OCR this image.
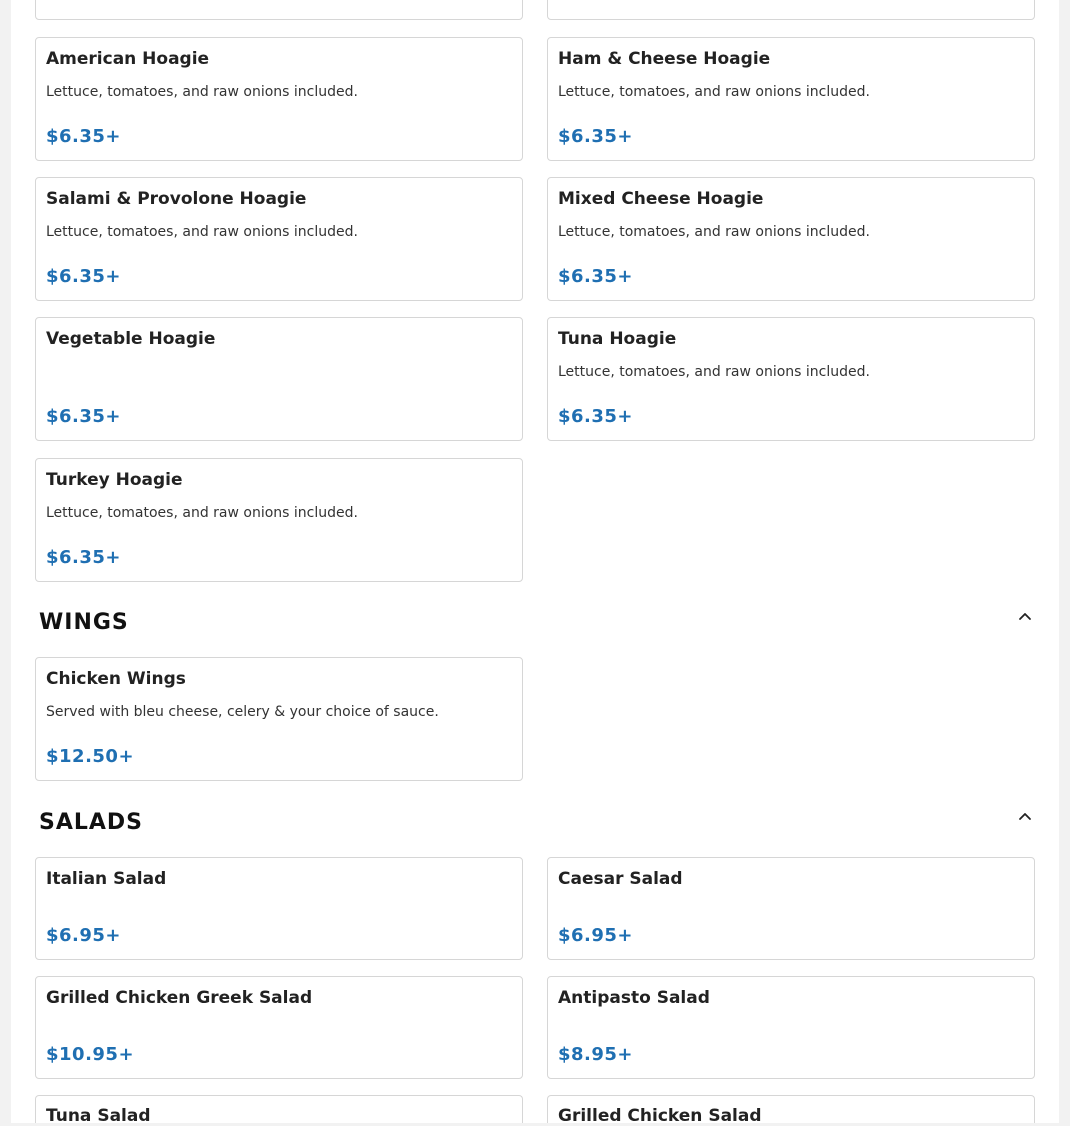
American Hoagie
Lettuce, tomatoes, and raw onions included.
$6.35+
Ham & Cheese Hoagie
Lettuce, tomatoes, and raw onions included.
$6.35+
Salami & Provolone Hoagie
Lettuce, tomatoes, and raw onions included.
$6.35+
Mixed Cheese Hoagie
Lettuce, tomatoes, and raw onions included.
$6.35+
Vegetable Hoagie
$6.35+
Tuna Hoagie
Lettuce, tomatoes, and raw onions included.
$6.35+
Turkey Hoagie
Lettuce, tomatoes, and raw onions included.
$6.35+
WINGS
Chicken Wings
Served with bleu cheese, celery & your choice of sauce.
$12.50+
SALADS
Italian Salad
$6.95+
Caesar Salad
$6.95+
Grilled Chicken Greek Salad
$10.95+
Antipasto Salad
$8.95+
Tuna Salad	Grilled Chicken Salad
